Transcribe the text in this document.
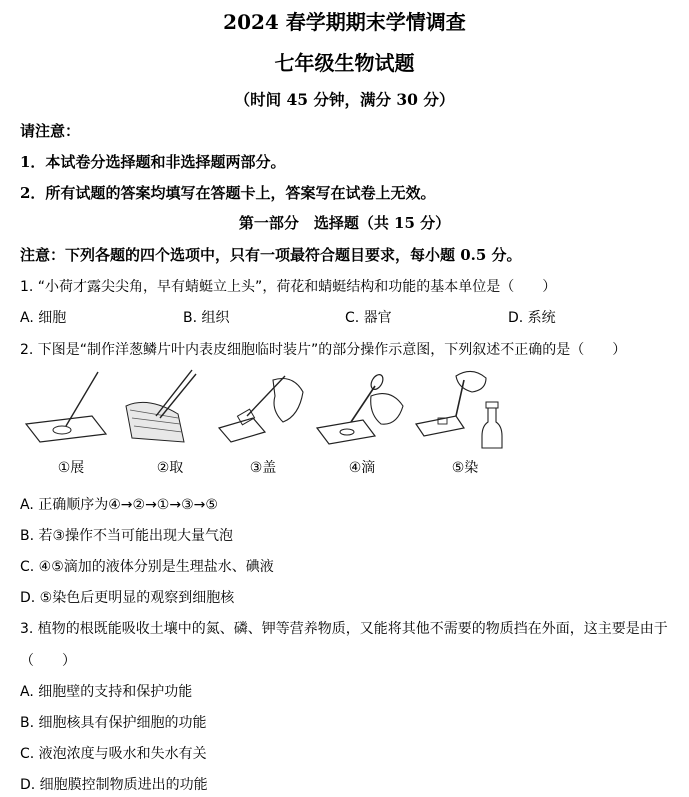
2024 春学期期末学情调查
七年级生物试题
（时间 45 分钟，满分 30 分）
请注意：
1．本试卷分选择题和非选择题两部分。
2．所有试题的答案均填写在答题卡上，答案写在试卷上无效。
第一部分　选择题（共 15 分）
注意：下列各题的四个选项中，只有一项最符合题目要求，每小题 0.5 分。
1. “小荷才露尖尖角，早有蜻蜓立上头”，荷花和蜻蜓结构和功能的基本单位是（　　）
A. 细胞	B. 组织	C. 器官	D. 系统
2. 下图是“制作洋葱鳞片叶内表皮细胞临时装片”的部分操作示意图，下列叙述不正确的是（　　）
①展	②取	③盖	④滴	⑤染
A. 正确顺序为④→②→①→③→⑤
B. 若③操作不当可能出现大量气泡
C. ④⑤滴加的液体分别是生理盐水、碘液
D. ⑤染色后更明显的观察到细胞核
3. 植物的根既能吸收土壤中的氮、磷、钾等营养物质，又能将其他不需要的物质挡在外面，这主要是由于
（　　）
A. 细胞壁的支持和保护功能
B. 细胞核具有保护细胞的功能
C. 液泡浓度与吸水和失水有关
D. 细胞膜控制物质进出的功能
